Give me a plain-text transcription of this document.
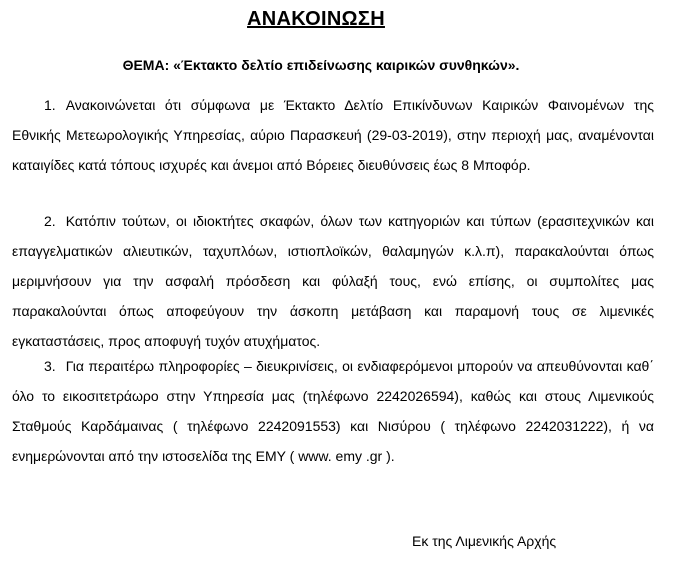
ΑΝΑΚΟΙΝΩΣΗ
ΘΕΜΑ: «Έκτακτο δελτίο επιδείνωσης καιρικών συνθηκών».

1. Ανακοινώνεται ότι σύμφωνα με Έκτακτο Δελτίο Επικίνδυνων Καιρικών Φαινομένων της Εθνικής Μετεωρολογικής Υπηρεσίας, αύριο Παρασκευή (29-03-2019), στην περιοχή μας, αναμένονται καταιγίδες κατά τόπους ισχυρές και άνεμοι από Βόρειες διευθύνσεις έως 8 Μποφόρ.

2. Κατόπιν τούτων, οι ιδιοκτήτες σκαφών, όλων των κατηγοριών και τύπων (ερασιτεχνικών και επαγγελματικών αλιευτικών, ταχυπλόων, ιστιοπλοϊκών, θαλαμηγών κ.λ.π), παρακαλούνται όπως μεριμνήσουν για την ασφαλή πρόσδεση και φύλαξή τους, ενώ επίσης, οι συμπολίτες μας παρακαλούνται όπως αποφεύγουν την άσκοπη μετάβαση και παραμονή τους σε λιμενικές εγκαταστάσεις, προς αποφυγή τυχόν ατυχήματος.

3. Για περαιτέρω πληροφορίες – διευκρινίσεις, οι ενδιαφερόμενοι μπορούν να απευθύνονται καθ΄ όλο το εικοσιτετράωρο στην Υπηρεσία μας (τηλέφωνο 2242026594), καθώς και στους Λιμενικούς Σταθμούς Καρδάμαινας ( τηλέφωνο 2242091553) και Νισύρου ( τηλέφωνο 2242031222), ή να ενημερώνονται από την ιστοσελίδα της ΕΜΥ ( www. emy .gr ).

Εκ της Λιμενικής Αρχής
